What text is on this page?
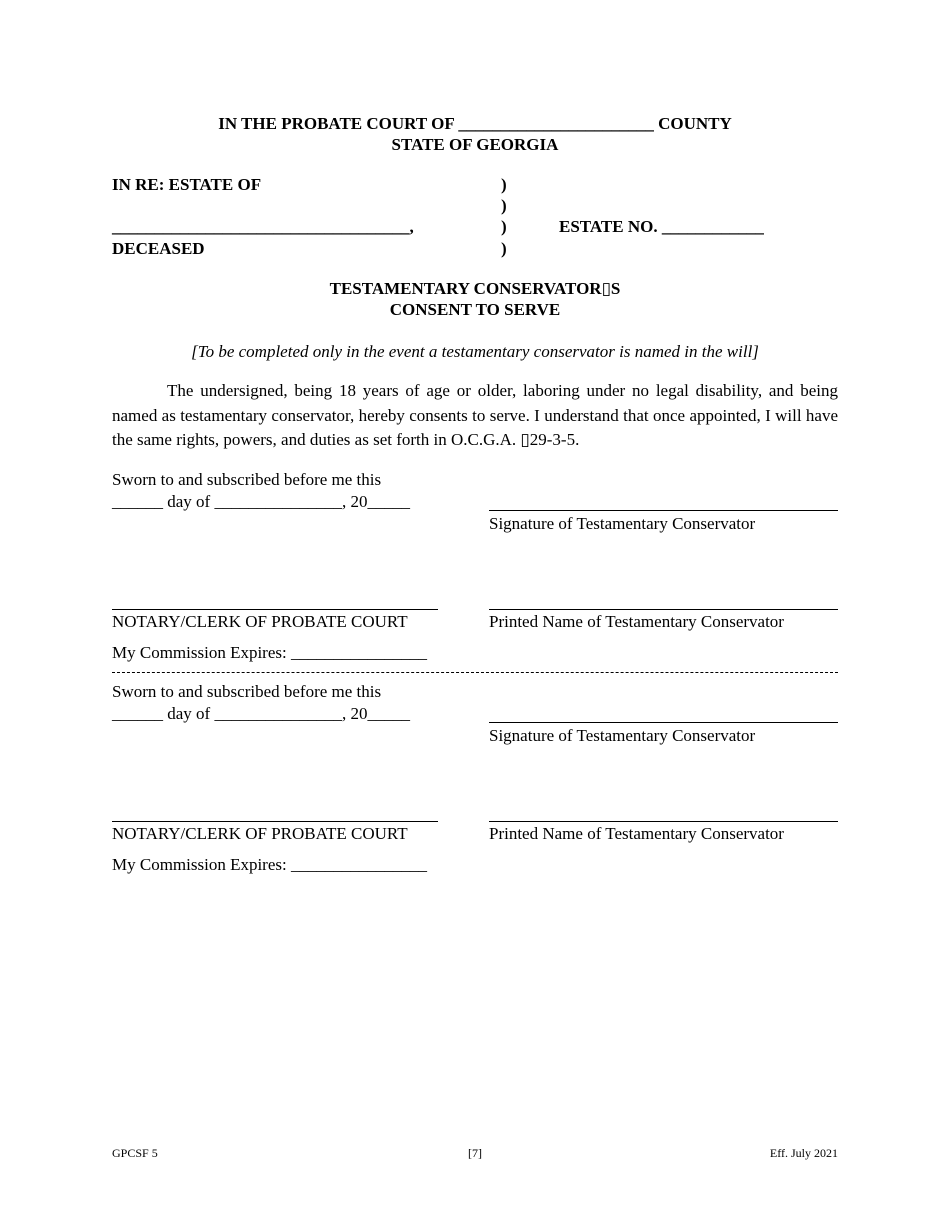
IN THE PROBATE COURT OF _______________________ COUNTY
STATE OF GEORGIA
IN RE: ESTATE OF
___________________________________,
DECEASED
)
)
)
)
ESTATE NO. ____________
TESTAMENTARY CONSERVATOR▯S
CONSENT TO SERVE
[To be completed only in the event a testamentary conservator is named in the will]
The undersigned, being 18 years of age or older, laboring under no legal disability, and being named as testamentary conservator, hereby consents to serve. I understand that once appointed, I will have the same rights, powers, and duties as set forth in O.C.G.A. ▯29-3-5.
Sworn to and subscribed before me this
______ day of _______________, 20_____
Signature of Testamentary Conservator
NOTARY/CLERK OF PROBATE COURT	Printed Name of Testamentary Conservator
My Commission Expires: ________________
Sworn to and subscribed before me this
______ day of _______________, 20_____
Signature of Testamentary Conservator
NOTARY/CLERK OF PROBATE COURT	Printed Name of Testamentary Conservator
My Commission Expires: ________________
GPCSF 5	[7]	Eff. July 2021
